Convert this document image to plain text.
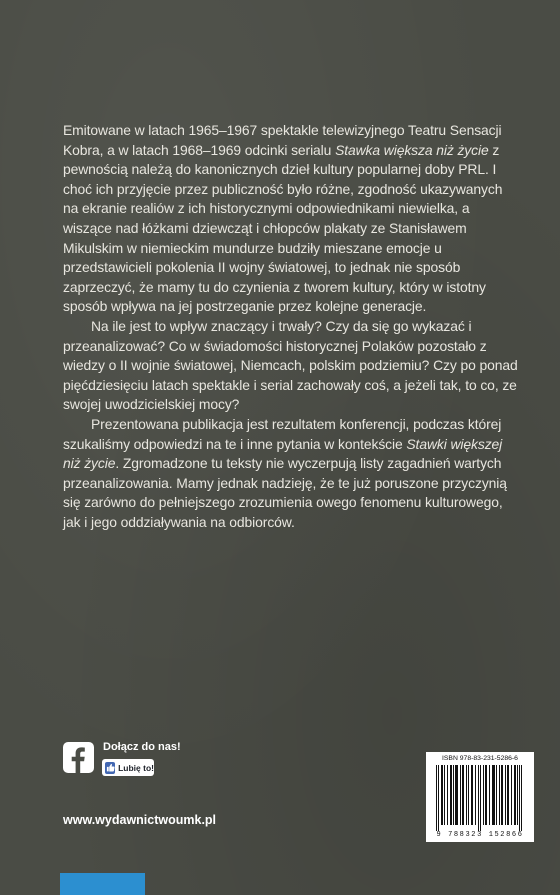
Emitowane w latach 1965–1967 spektakle telewizyjnego Teatru Sensacji Kobra, a w latach 1968–1969 odcinki serialu Stawka większa niż życie z pewnością należą do kanonicznych dzieł kultury popularnej doby PRL. I choć ich przyjęcie przez publiczność było różne, zgodność ukazywanych na ekranie realiów z ich historycznymi odpowiednikami niewielka, a wiszące nad łóżkami dziewcząt i chłopców plakaty ze Stanisławem Mikulskim w niemieckim mundurze budziły mieszane emocje u przedstawicieli pokolenia II wojny światowej, to jednak nie sposób zaprzeczyć, że mamy tu do czynienia z tworem kultury, który w istotny sposób wpływa na jej postrzeganie przez kolejne generacje.

Na ile jest to wpływ znaczący i trwały? Czy da się go wykazać i przeanalizować? Co w świadomości historycznej Polaków pozostało z wiedzy o II wojnie światowej, Niemcach, polskim podziemiu? Czy po ponad pięćdziesięciu latach spektakle i serial zachowały coś, a jeżeli tak, to co, ze swojej uwodzicielskiej mocy?

Prezentowana publikacja jest rezultatem konferencji, podczas której szukaliśmy odpowiedzi na te i inne pytania w kontekście Stawki większej niż życie. Zgromadzone tu teksty nie wyczerpują listy zagadnień wartych przeanalizowania. Mamy jednak nadzieję, że te już poruszone przyczynią się zarówno do pełniejszego zrozumienia owego fenomenu kulturowego, jak i jego oddziaływania na odbiorców.

Dołącz do nas!
Lubię to!
www.wydawnictwoumk.pl
ISBN 978-83-231-5286-6
9 788323 152866
